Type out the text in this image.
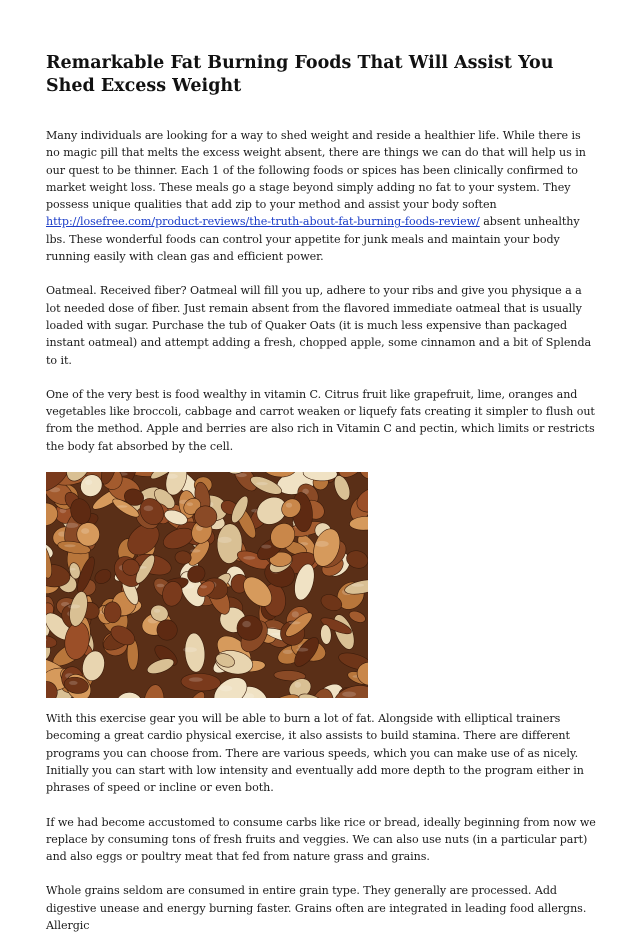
Remarkable Fat Burning Foods That Will Assist You Shed Excess Weight

Many individuals are looking for a way to shed weight and reside a healthier life. While there is no magic pill that melts the excess weight absent, there are things we can do that will help us in our quest to be thinner. Each 1 of the following foods or spices has been clinically confirmed to market weight loss. These meals go a stage beyond simply adding no fat to your system. They possess unique qualities that add zip to your method and assist your body soften http://losefree.com/product-reviews/the-truth-about-fat-burning-foods-review/ absent unhealthy lbs. These wonderful foods can control your appetite for junk meals and maintain your body running easily with clean gas and efficient power.

Oatmeal. Received fiber? Oatmeal will fill you up, adhere to your ribs and give you physique a a lot needed dose of fiber. Just remain absent from the flavored immediate oatmeal that is usually loaded with sugar. Purchase the tub of Quaker Oats (it is much less expensive than packaged instant oatmeal) and attempt adding a fresh, chopped apple, some cinnamon and a bit of Splenda to it.

One of the very best is food wealthy in vitamin C. Citrus fruit like grapefruit, lime, oranges and vegetables like broccoli, cabbage and carrot weaken or liquefy fats creating it simpler to flush out from the method. Apple and berries are also rich in Vitamin C and pectin, which limits or restricts the body fat absorbed by the cell.

With this exercise gear you will be able to burn a lot of fat. Alongside with elliptical trainers becoming a great cardio physical exercise, it also assists to build stamina. There are different programs you can choose from. There are various speeds, which you can make use of as nicely. Initially you can start with low intensity and eventually add more depth to the program either in phrases of speed or incline or even both.

If we had become accustomed to consume carbs like rice or bread, ideally beginning from now we replace by consuming tons of fresh fruits and veggies. We can also use nuts (in a particular part) and also eggs or poultry meat that fed from nature grass and grains.

Whole grains seldom are consumed in entire grain type. They generally are processed. Add digestive unease and energy burning faster. Grains often are integrated in leading food allergns. Allergic
